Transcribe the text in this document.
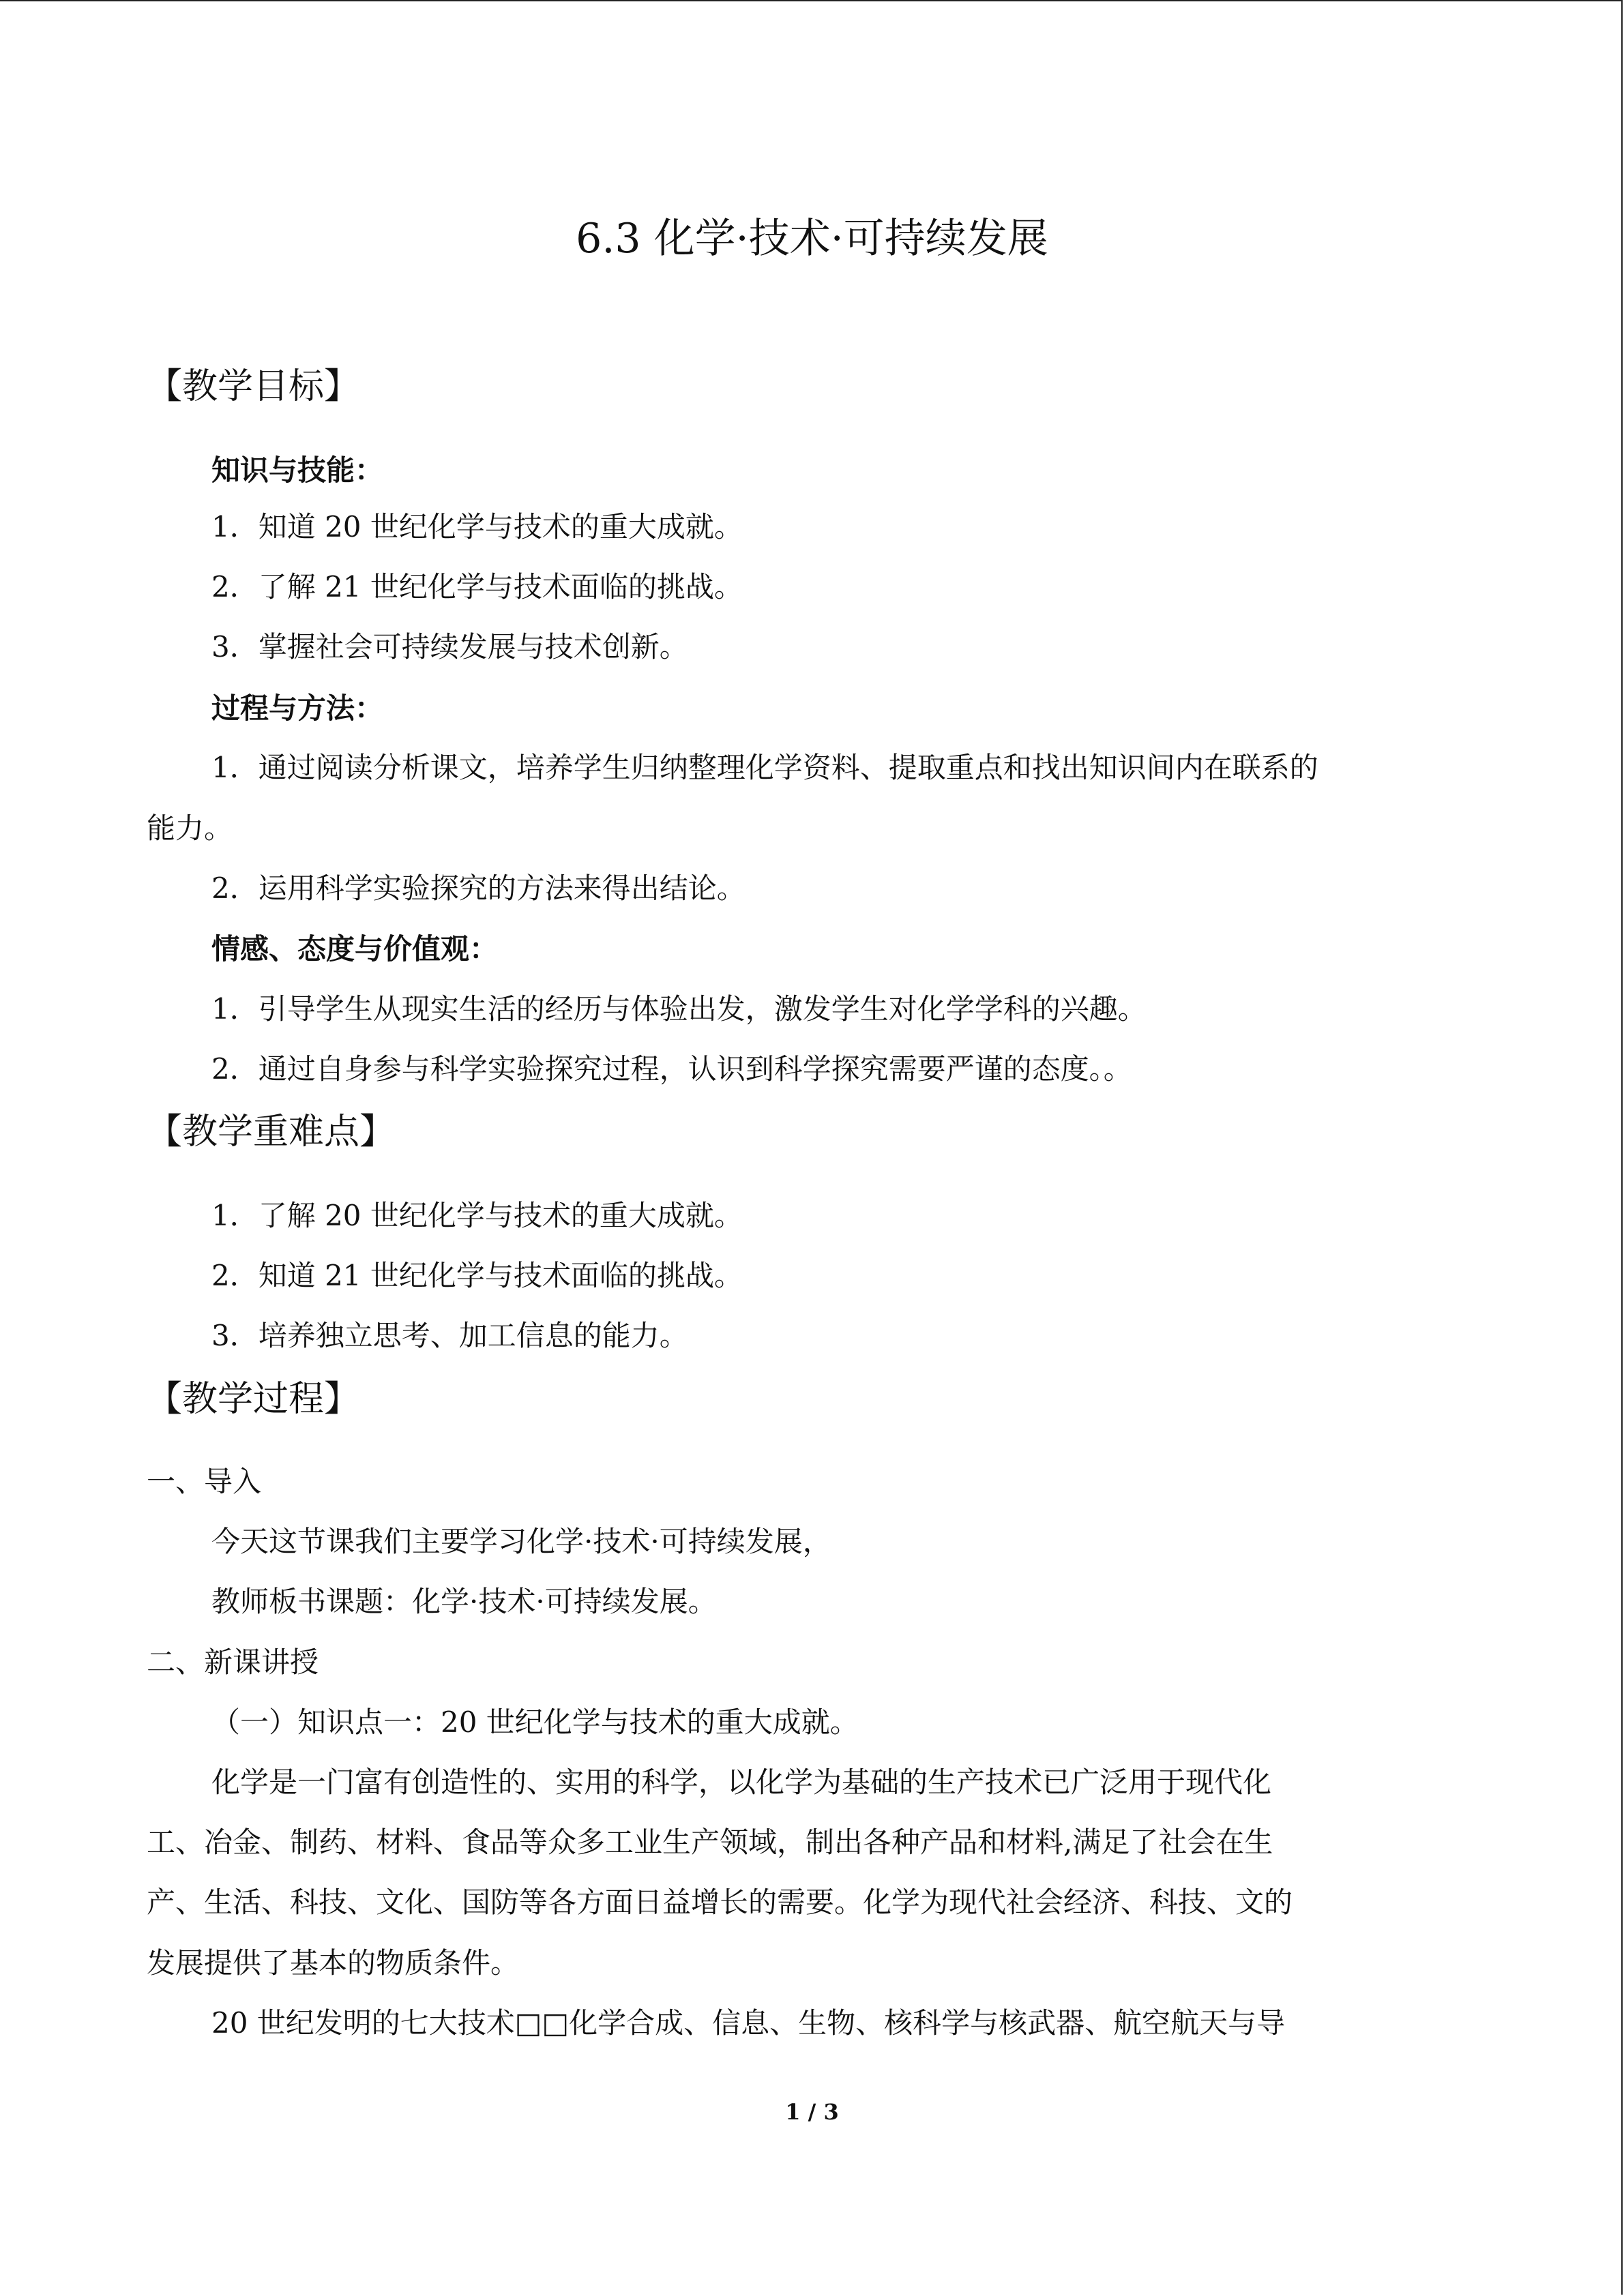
6.3 化学·技术·可持续发展
【教学目标】
知识与技能：
1．知道 20 世纪化学与技术的重大成就。
2．了解 21 世纪化学与技术面临的挑战。
3．掌握社会可持续发展与技术创新。
过程与方法：
1．通过阅读分析课文，培养学生归纳整理化学资料、提取重点和找出知识间内在联系的
能力。
2．运用科学实验探究的方法来得出结论。
情感、态度与价值观：
1．引导学生从现实生活的经历与体验出发，激发学生对化学学科的兴趣。
2．通过自身参与科学实验探究过程，认识到科学探究需要严谨的态度。。
【教学重难点】
1．了解 20 世纪化学与技术的重大成就。
2．知道 21 世纪化学与技术面临的挑战。
3．培养独立思考、加工信息的能力。
【教学过程】
一、导入
今天这节课我们主要学习化学·技术·可持续发展，
教师板书课题：化学·技术·可持续发展。
二、新课讲授
（一）知识点一：20 世纪化学与技术的重大成就。
化学是一门富有创造性的、实用的科学，以化学为基础的生产技术已广泛用于现代化
工、冶金、制药、材料、食品等众多工业生产领域，制出各种产品和材料,满足了社会在生
产、生活、科技、文化、国防等各方面日益增长的需要。化学为现代社会经济、科技、文的
发展提供了基本的物质条件。
20 世纪发明的七大技术□□化学合成、信息、生物、核科学与核武器、航空航天与导
1 / 3
